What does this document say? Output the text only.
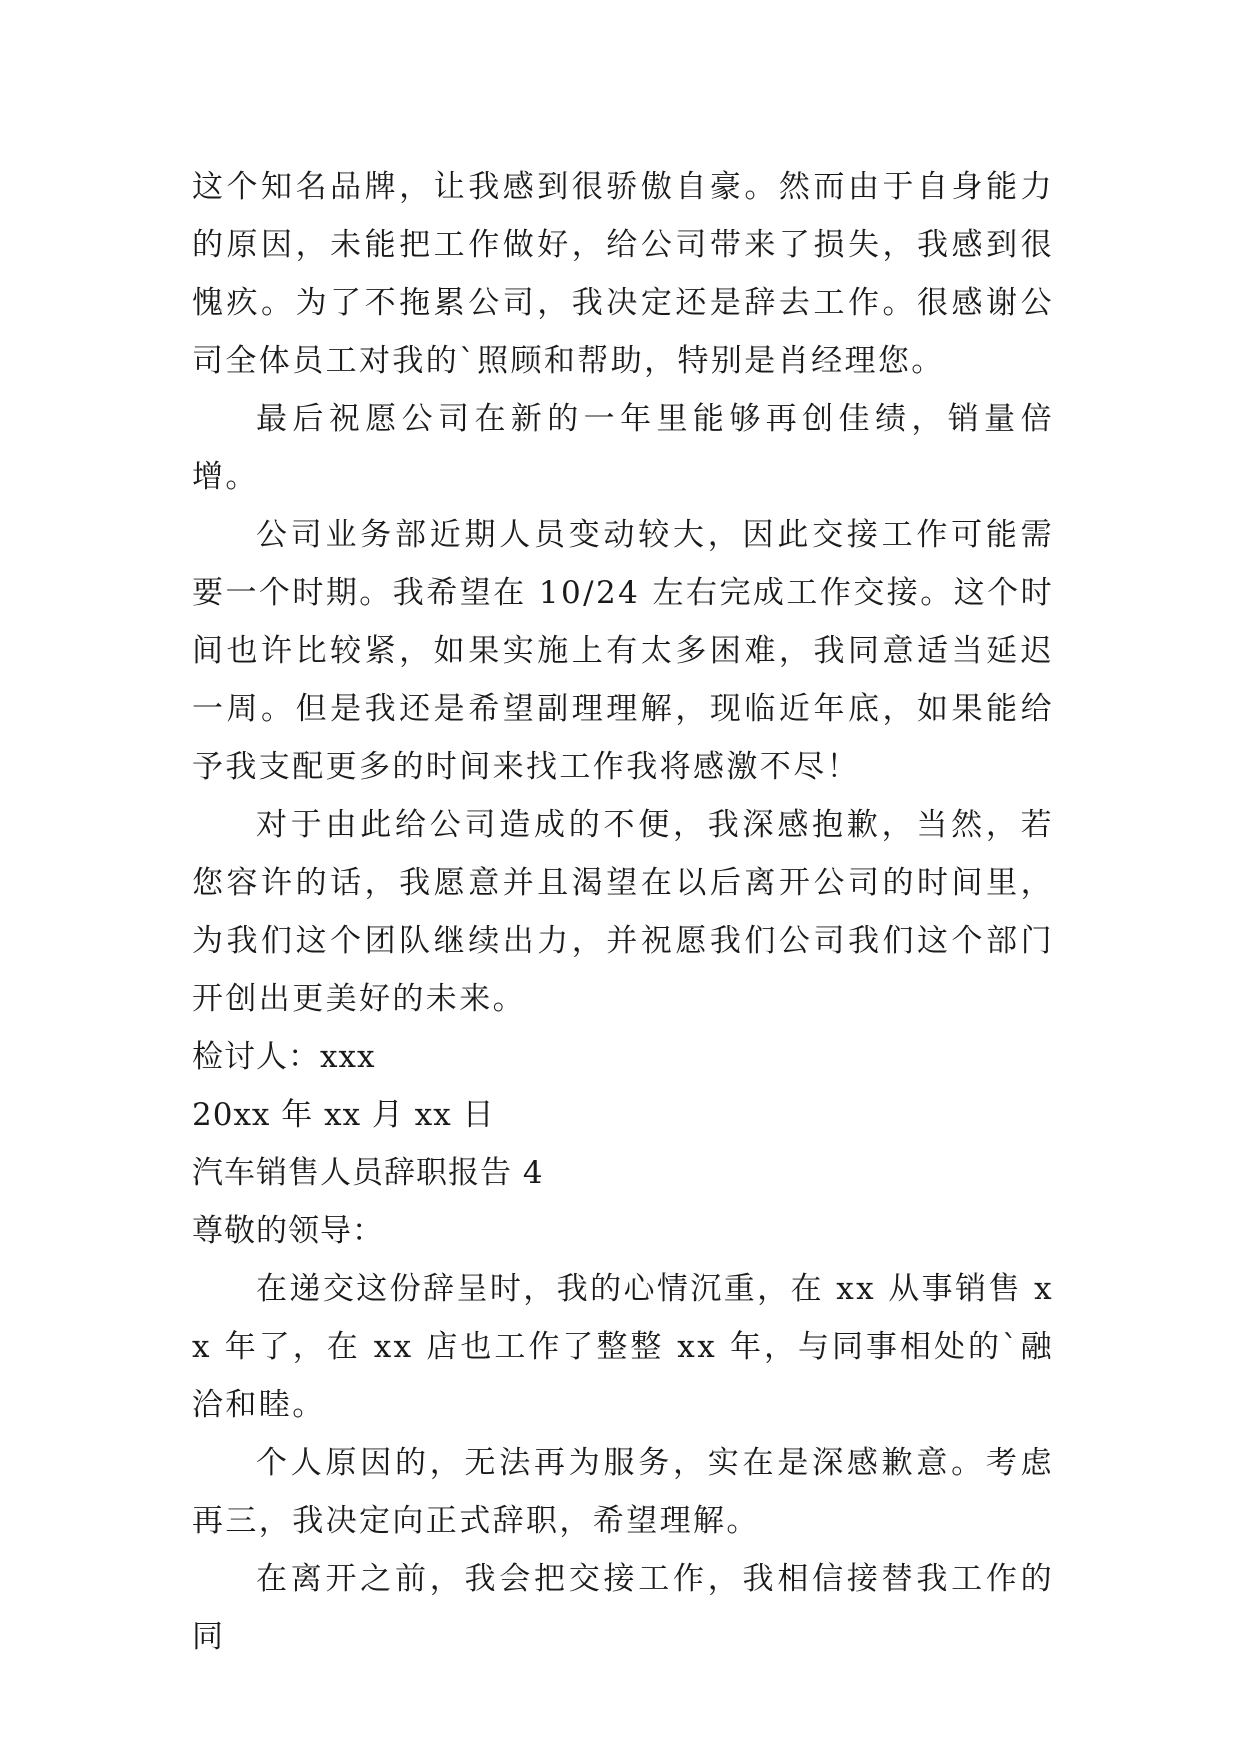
这个知名品牌，让我感到很骄傲自豪。然而由于自身能力的原因，未能把工作做好，给公司带来了损失，我感到很愧疚。为了不拖累公司，我决定还是辞去工作。很感谢公司全体员工对我的`照顾和帮助，特别是肖经理您。

最后祝愿公司在新的一年里能够再创佳绩，销量倍增。

公司业务部近期人员变动较大，因此交接工作可能需要一个时期。我希望在 10/24 左右完成工作交接。这个时间也许比较紧，如果实施上有太多困难，我同意适当延迟一周。但是我还是希望副理理解，现临近年底，如果能给予我支配更多的时间来找工作我将感激不尽！

对于由此给公司造成的不便，我深感抱歉，当然，若您容许的话，我愿意并且渴望在以后离开公司的时间里，为我们这个团队继续出力，并祝愿我们公司我们这个部门开创出更美好的未来。

检讨人：xxx

20xx 年 xx 月 xx 日

汽车销售人员辞职报告 4

尊敬的领导：

在递交这份辞呈时，我的心情沉重，在 xx 从事销售 xx 年了，在 xx 店也工作了整整 xx 年，与同事相处的`融洽和睦。

个人原因的，无法再为服务，实在是深感歉意。考虑再三，我决定向正式辞职，希望理解。

在离开之前，我会把交接工作，我相信接替我工作的同
